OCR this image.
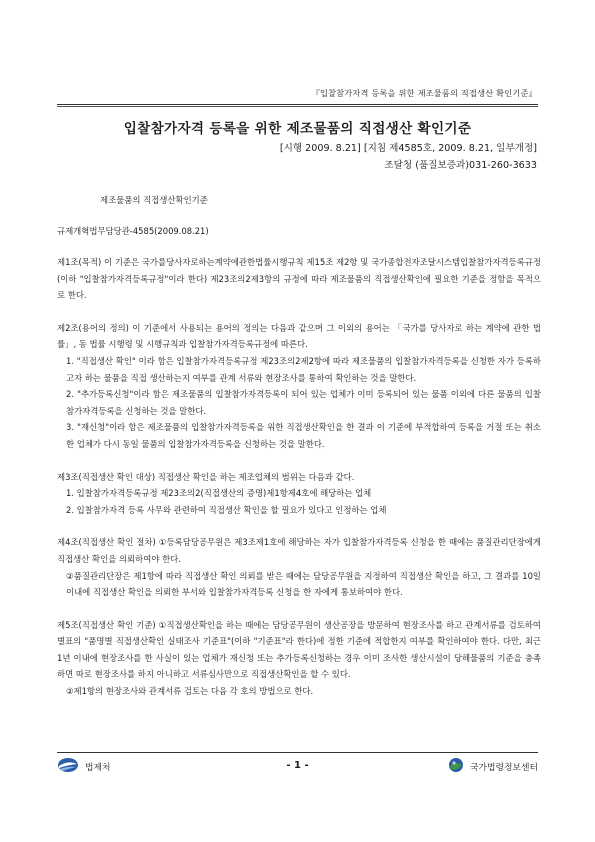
『입찰참가자격 등록을 위한 제조물품의 직접생산 확인기준』
입찰참가자격 등록을 위한 제조물품의 직접생산 확인기준
[시행 2009. 8.21] [지침 제4585호, 2009. 8.21, 일부개정]
조달청 (품질보증과)031-260-3633
제조물품의 직접생산확인기준
규제개혁법무담당관-4585(2009.08.21)

제1조(목적) 이 기준은 국가를당사자로하는계약에관한법률시행규칙 제15조 제2항 및 국가종합전자조달시스템입찰참가자격등록규정(이하 "입찰참가자격등록규정"이라 한다) 제23조의2제3항의 규정에 따라 제조물품의 직접생산확인에 필요한 기준을 정함을 목적으로 한다.

제2조(용어의 정의) 이 기준에서 사용되는 용어의 정의는 다음과 같으며 그 이외의 용어는 「국가를 당사자로 하는 계약에 관한 법률」, 동 법률 시행령 및 시행규칙과 입찰참가자격등록규정에 따른다.

1. "직접생산 확인" 이라 함은 입찰참가자격등록규정 제23조의2제2항에 따라 제조물품의 입찰참가자격등록을 신청한 자가 등록하고자 하는 물품을 직접 생산하는지 여부를 관계 서류와 현장조사를 통하여 확인하는 것을 말한다.

2. "추가등록신청"이라 함은 제조물품의 입찰참가자격등록이 되어 있는 업체가 이미 등록되어 있는 물품 이외에 다른 물품의 입찰참가자격등록을 신청하는 것을 말한다.

3. "재신청"이라 함은 제조물품의 입찰참가자격등록을 위한 직접생산확인을 한 결과 이 기준에 부적합하여 등록을 거절 또는 취소한 업체가 다시 동일 물품의 입찰참가자격등록을 신청하는 것을 말한다.

제3조(직접생산 확인 대상) 직접생산 확인을 하는 제조업체의 범위는 다음과 같다.

1. 입찰참가자격등록규정 제23조의2(직접생산의 증명)제1항제4호에 해당하는 업체

2. 입찰참가자격 등록 사무와 관련하여 직접생산 확인을 할 필요가 있다고 인정하는 업체

제4조(직접생산 확인 절차) ①등록담당공무원은 제3조제1호에 해당하는 자가 입찰참가자격등록 신청을 한 때에는 품질관리단장에게 직접생산 확인을 의뢰하여야 한다.

②품질관리단장은 제1항에 따라 직접생산 확인 의뢰를 받은 때에는 담당공무원을 지정하여 직접생산 확인을 하고, 그 결과를 10일 이내에 직접생산 확인을 의뢰한 부서와 입찰참가자격등록 신청을 한 자에게 통보하여야 한다.

제5조(직접생산 확인 기준) ①직접생산확인을 하는 때에는 담당공무원이 생산공장을 방문하여 현장조사를 하고 관계서류를 검토하여 별표의 "품명별 직접생산확인 실태조사 기준표"(이하 "기준표"라 한다)에 정한 기준에 적합한지 여부를 확인하여야 한다. 다만, 최근 1년 이내에 현장조사를 한 사실이 있는 업체가 재신청 또는 추가등록신청하는 경우 이미 조사한 생산시설이 당해물품의 기준을 충족하면 따로 현장조사를 하지 아니하고 서류심사만으로 직접생산확인을 할 수 있다.

②제1항의 현장조사와 관계서류 검토는 다음 각 호의 방법으로 한다.

법제처	- 1 -	국가법령정보센터
